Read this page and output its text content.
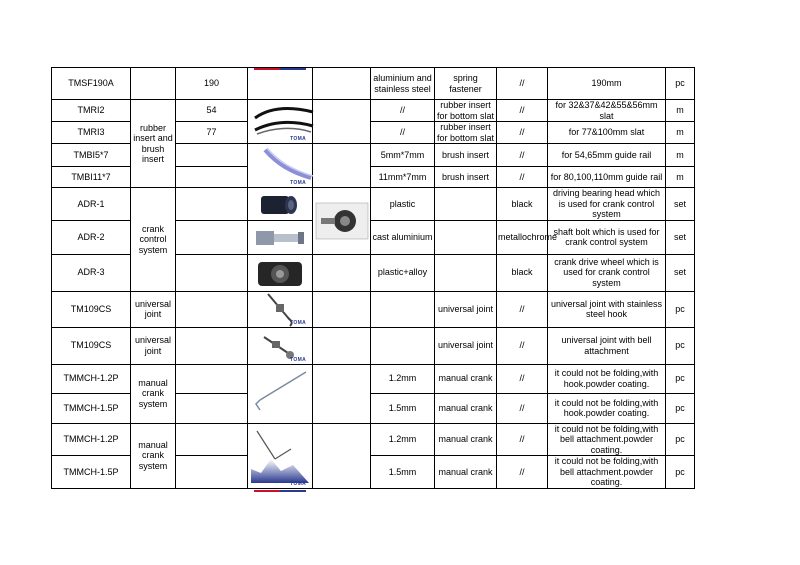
TMSF190A		190			aluminium and stainless steel	spring fastener	//	190mm	pc
TMRI2	rubber insert and brush insert	54	TOMA		//	rubber insert for bottom slat	//	for 32&37&42&55&56mm slat	m
TMRI3		77			//	rubber insert for bottom slat	//	for 77&100mm slat	m
TMBI5*7			TOMA		5mm*7mm	brush insert	//	for 54,65mm guide rail	m
TMBI11*7					11mm*7mm	brush insert	//	for 80,100,110mm guide rail	m
ADR-1	crank control system				plastic		black	driving bearing head which is used for crank control system	set
ADR-2					cast aluminium		metallochrome	shaft bolt which is used for crank control system	set
ADR-3					plastic+alloy		black	crank drive wheel which is used for crank control system	set
TM109CS	universal joint		TOMA			universal joint	//	universal joint with stainless steel hook	pc
TM109CS	universal joint		TOMA			universal joint	//	universal joint with bell attachment	pc
TMMCH-1.2P	manual crank system				1.2mm	manual crank	//	it could not be folding,with hook.powder coating.	pc
TMMCH-1.5P					1.5mm	manual crank	//	it could not be folding,with hook.powder coating.	pc
TMMCH-1.2P	manual crank system		TOMA		1.2mm	manual crank	//	it could not be folding,with bell attachment.powder coating.	pc
TMMCH-1.5P					1.5mm	manual crank	//	it could not be folding,with bell attachment.powder coating.	pc
